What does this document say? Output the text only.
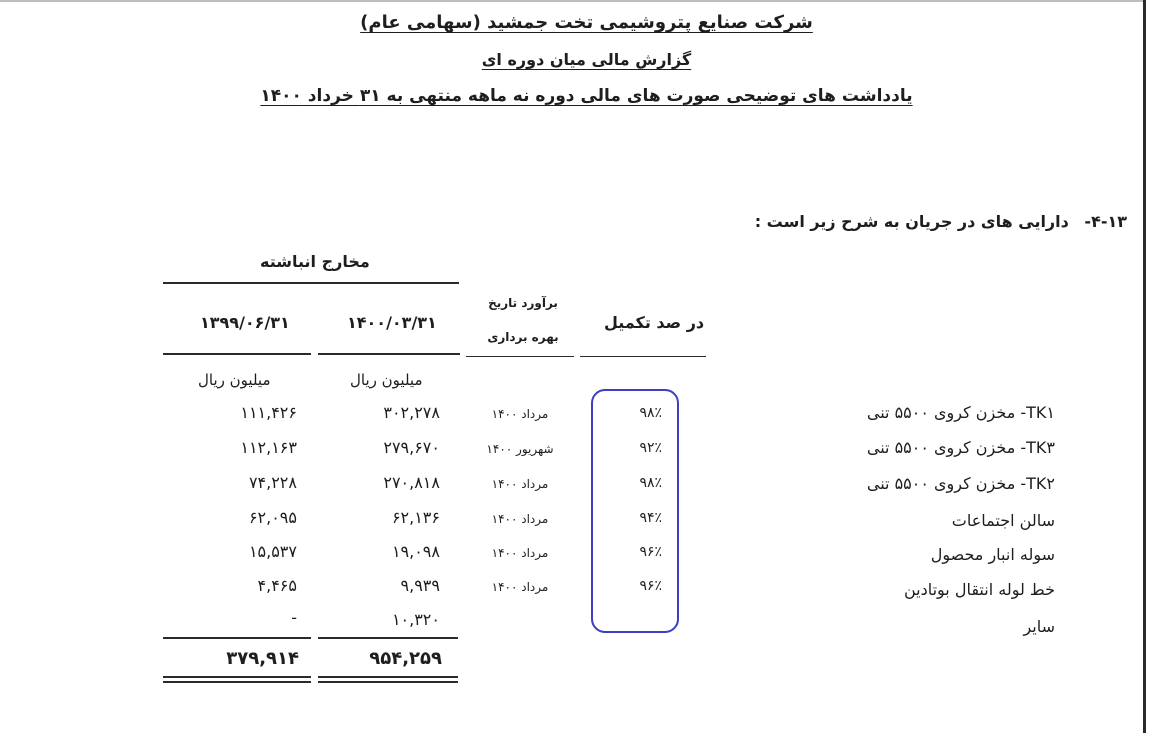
شرکت صنایع پتروشیمی تخت جمشید (سهامی عام)
گزارش مالی میان دوره ای
یادداشت های توضیحی صورت های مالی دوره نه ماهه منتهی به ۳۱ خرداد ۱۴۰۰
۴-۱۳- دارایی های در جریان به شرح زیر است :
مخارج انباشته
در صد تکمیل
برآورد تاریخ
بهره برداری
۱۴۰۰/۰۳/۳۱
۱۳۹۹/۰۶/۳۱
میلیون ریال
میلیون ریال
TK۱- مخزن کروی ۵۵۰۰ تنی
۹۸٪
مرداد ۱۴۰۰
۳۰۲,۲۷۸
۱۱۱,۴۲۶
TK۳- مخزن کروی ۵۵۰۰ تنی
۹۲٪
شهریور ۱۴۰۰
۲۷۹,۶۷۰
۱۱۲,۱۶۳
TK۲- مخزن کروی ۵۵۰۰ تنی
۹۸٪
مرداد ۱۴۰۰
۲۷۰,۸۱۸
۷۴,۲۲۸
سالن اجتماعات
۹۴٪
مرداد ۱۴۰۰
۶۲,۱۳۶
۶۲,۰۹۵
سوله انبار محصول
۹۶٪
مرداد ۱۴۰۰
۱۹,۰۹۸
۱۵,۵۳۷
خط لوله انتقال بوتادین
۹۶٪
مرداد ۱۴۰۰
۹,۹۳۹
۴,۴۶۵
سایر
۱۰,۳۲۰
-
۹۵۴,۲۵۹
۳۷۹,۹۱۴
